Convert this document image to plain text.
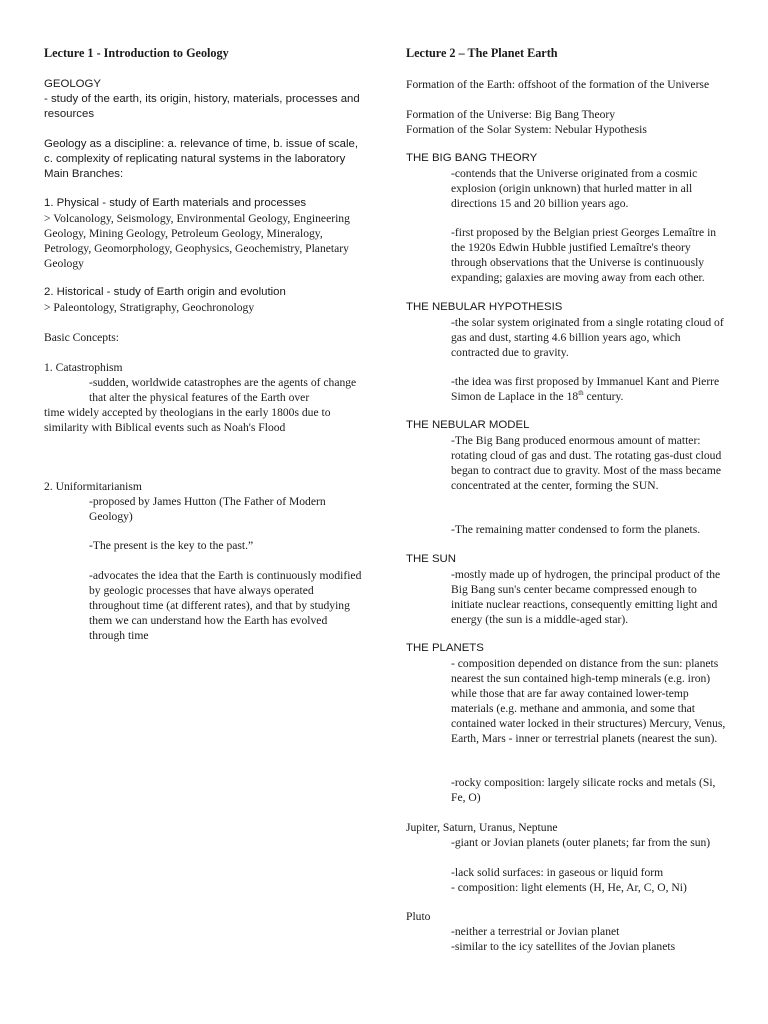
Lecture 1 - Introduction to Geology

GEOLOGY

- study of the earth, its origin, history, materials, processes and resources

Geology as a discipline: a. relevance of time, b. issue of scale, c. complexity of replicating natural systems in the laboratory

Main Branches:

1. Physical - study of Earth materials and processes

> Volcanology, Seismology, Environmental Geology, Engineering Geology, Mining Geology, Petroleum Geology, Mineralogy, Petrology, Geomorphology, Geophysics, Geochemistry, Planetary Geology

2. Historical - study of Earth origin and evolution

> Paleontology, Stratigraphy, Geochronology

Basic Concepts:

1. Catastrophism

-sudden, worldwide catastrophes are the agents of change that alter the physical features of the Earth over

time widely accepted by theologians in the early 1800s due to similarity with Biblical events such as Noah's Flood

2. Uniformitarianism

-proposed by James Hutton (The Father of Modern Geology)

-The present is the key to the past.”

-advocates the idea that the Earth is continuously modified by geologic processes that have always operated throughout time (at different rates), and that by studying them we can understand how the Earth has evolved through time

Lecture 2 – The Planet Earth

Formation of the Earth: offshoot of the formation of the Universe

Formation of the Universe: Big Bang Theory

Formation of the Solar System: Nebular Hypothesis

THE BIG BANG THEORY

-contends that the Universe originated from a cosmic explosion (origin unknown) that hurled matter in all directions 15 and 20 billion years ago.

-first proposed by the Belgian priest Georges Lemaître in the 1920s Edwin Hubble justified Lemaître's theory through observations that the Universe is continuously expanding; galaxies are moving away from each other.

THE NEBULAR HYPOTHESIS

-the solar system originated from a single rotating cloud of gas and dust, starting 4.6 billion years ago, which contracted due to gravity.

-the idea was first proposed by Immanuel Kant and Pierre Simon de Laplace in the 18th century.

THE NEBULAR MODEL

-The Big Bang produced enormous amount of matter: rotating cloud of gas and dust. The rotating gas-dust cloud began to contract due to gravity. Most of the mass became concentrated at the center, forming the SUN.

-The remaining matter condensed to form the planets.

THE SUN

-mostly made up of hydrogen, the principal product of the Big Bang sun's center became compressed enough to initiate nuclear reactions, consequently emitting light and energy (the sun is a middle-aged star).

THE PLANETS

- composition depended on distance from the sun: planets nearest the sun contained high-temp minerals (e.g. iron) while those that are far away contained lower-temp materials (e.g. methane and ammonia, and some that contained water locked in their structures) Mercury, Venus, Earth, Mars - inner or terrestrial planets (nearest the sun).

-rocky composition: largely silicate rocks and metals (Si, Fe, O)

Jupiter, Saturn, Uranus, Neptune

-giant or Jovian planets (outer planets; far from the sun)

-lack solid surfaces: in gaseous or liquid form

- composition: light elements (H, He, Ar, C, O, Ni)

Pluto

-neither a terrestrial or Jovian planet

-similar to the icy satellites of the Jovian planets
